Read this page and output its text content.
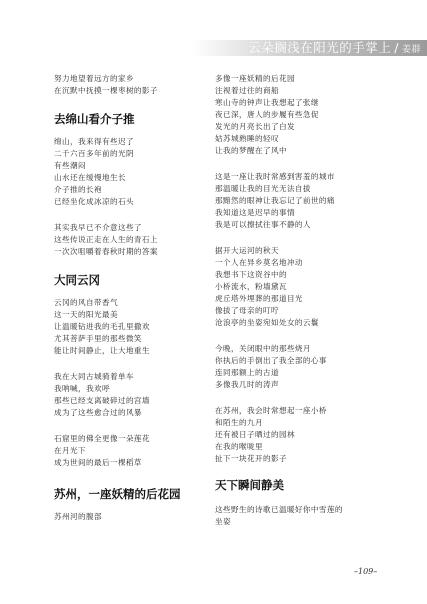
云朵搁浅在阳光的手掌上 / 姜群
努力地望着远方的家乡
在沉默中抚摸一棵枣树的影子
去绵山看介子推
绵山，我来得有些迟了
二千六百多年前的光阴
有些潮闷
山水还在缓慢地生长
介子推的长袍
已经坐化成冰凉的石头
其实我早已不介意这些了
这些传说正走在人生的青石上
一次次咀嚼着春秋时期的答案
大同云冈
云冈的风自带香气
这一天的阳光最美
让温暖钻进我的毛孔里撒欢
尤其菩萨手里的那些微笑
能让时间静止，让大地重生
我在大同古城骑着单车
我呐喊，我欢呼
那些已经支离破碎过的宫墙
成为了这些愈合过的风暴
石窟里的佛全更像一朵莲花
在月光下
成为世间的最后一棵稻草
苏州，一座妖精的后花园
苏州河的腹部
多像一座妖精的后花园
注视着过往的商船
寒山寺的钟声让我想起了张继
夜已深，唐人的步履有些急促
发光的月亮长出了白发
姑苏城熟睡的轻叹
让我的梦醒在了风中
这是一座让我时常感到害羞的城市
那温暖让我的目光无法自拔
那黯然的眼神让我忘记了前世的痛
我知道这是迟早的事情
我是可以擦拭往事不静的人
据开大运河的秋天
一个人在异乡莫名地冲动
我想书下这资谷中的
小桥流水，粉墙黛瓦
虎丘塔外埋葬的那道目光
像拔了母亲的叮咛
沧浪亭的坐姿宛如处女的云鬟
今晚，关闭眼中的那些烧月
你执后的手倒出了我全部的心事
连同那额上的古道
多像我几时的涛声
在苏州，我会时常想起一座小桥
和陌生的九月
还有被日子晒过的园林
在我的喉咙里
扯下一块花开的影子
天下瞬间静美
这些野生的诗歌已温暖好你中雪莲的
坐姿
–109–
